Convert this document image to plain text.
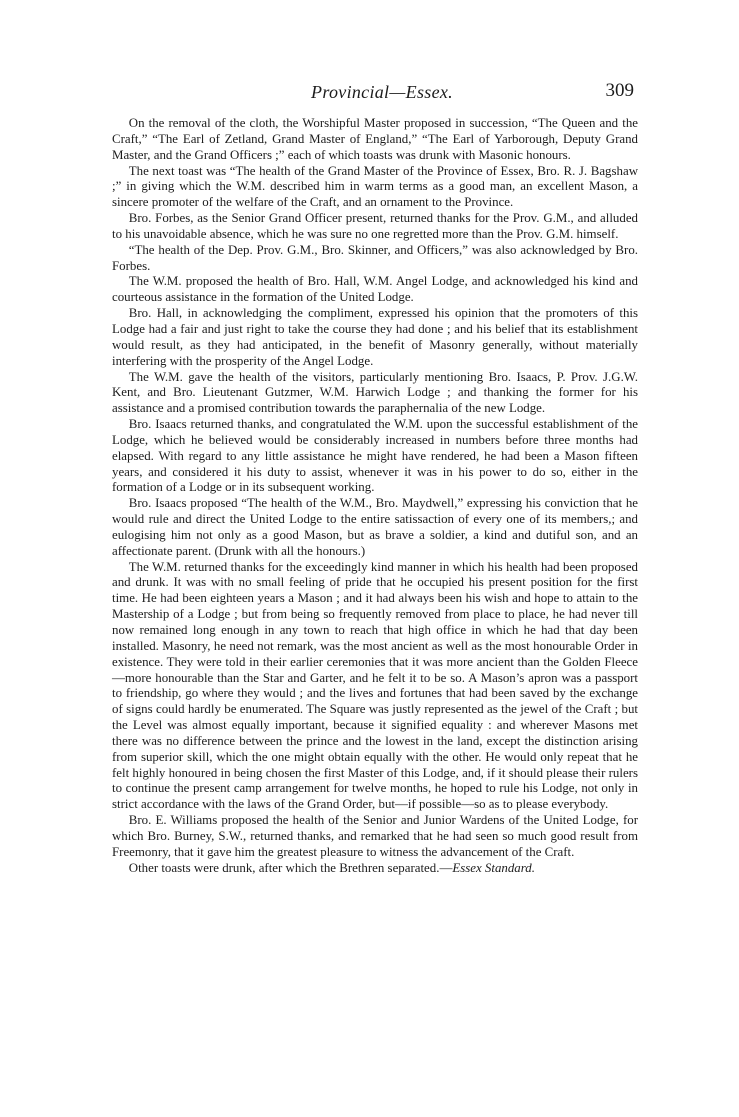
Provincial—Essex.	309

On the removal of the cloth, the Worshipful Master proposed in succession, “The Queen and the Craft,” “The Earl of Zetland, Grand Master of England,” “The Earl of Yarborough, Deputy Grand Master, and the Grand Officers ;” each of which toasts was drunk with Masonic honours.

The next toast was “The health of the Grand Master of the Province of Essex, Bro. R. J. Bagshaw ;” in giving which the W.M. described him in warm terms as a good man, an excellent Mason, a sincere promoter of the welfare of the Craft, and an ornament to the Province.

Bro. Forbes, as the Senior Grand Officer present, returned thanks for the Prov. G.M., and alluded to his unavoidable absence, which he was sure no one regretted more than the Prov. G.M. himself.

“The health of the Dep. Prov. G.M., Bro. Skinner, and Officers,” was also acknowledged by Bro. Forbes.

The W.M. proposed the health of Bro. Hall, W.M. Angel Lodge, and acknowledged his kind and courteous assistance in the formation of the United Lodge.

Bro. Hall, in acknowledging the compliment, expressed his opinion that the promoters of this Lodge had a fair and just right to take the course they had done ; and his belief that its establishment would result, as they had anticipated, in the benefit of Masonry generally, without materially interfering with the prosperity of the Angel Lodge.

The W.M. gave the health of the visitors, particularly mentioning Bro. Isaacs, P. Prov. J.G.W. Kent, and Bro. Lieutenant Gutzmer, W.M. Harwich Lodge ; and thanking the former for his assistance and a promised contribution towards the paraphernalia of the new Lodge.

Bro. Isaacs returned thanks, and congratulated the W.M. upon the successful establishment of the Lodge, which he believed would be considerably increased in numbers before three months had elapsed. With regard to any little assistance he might have rendered, he had been a Mason fifteen years, and considered it his duty to assist, whenever it was in his power to do so, either in the formation of a Lodge or in its subsequent working.

Bro. Isaacs proposed “The health of the W.M., Bro. Maydwell,” expressing his conviction that he would rule and direct the United Lodge to the entire satissaction of every one of its members,; and eulogising him not only as a good Mason, but as brave a soldier, a kind and dutiful son, and an affectionate parent. (Drunk with all the honours.)

The W.M. returned thanks for the exceedingly kind manner in which his health had been proposed and drunk. It was with no small feeling of pride that he occupied his present position for the first time. He had been eighteen years a Mason ; and it had always been his wish and hope to attain to the Mastership of a Lodge ; but from being so frequently removed from place to place, he had never till now remained long enough in any town to reach that high office in which he had that day been installed. Masonry, he need not remark, was the most ancient as well as the most honourable Order in existence. They were told in their earlier ceremonies that it was more ancient than the Golden Fleece—more honourable than the Star and Garter, and he felt it to be so. A Mason’s apron was a passport to friendship, go where they would ; and the lives and fortunes that had been saved by the exchange of signs could hardly be enumerated. The Square was justly represented as the jewel of the Craft ; but the Level was almost equally important, because it signified equality : and wherever Masons met there was no difference between the prince and the lowest in the land, except the distinction arising from superior skill, which the one might obtain equally with the other. He would only repeat that he felt highly honoured in being chosen the first Master of this Lodge, and, if it should please their rulers to continue the present camp arrangement for twelve months, he hoped to rule his Lodge, not only in strict accordance with the laws of the Grand Order, but—if possible—so as to please everybody.

Bro. E. Williams proposed the health of the Senior and Junior Wardens of the United Lodge, for which Bro. Burney, S.W., returned thanks, and remarked that he had seen so much good result from Freemonry, that it gave him the greatest pleasure to witness the advancement of the Craft.

Other toasts were drunk, after which the Brethren separated.—Essex Standard.
